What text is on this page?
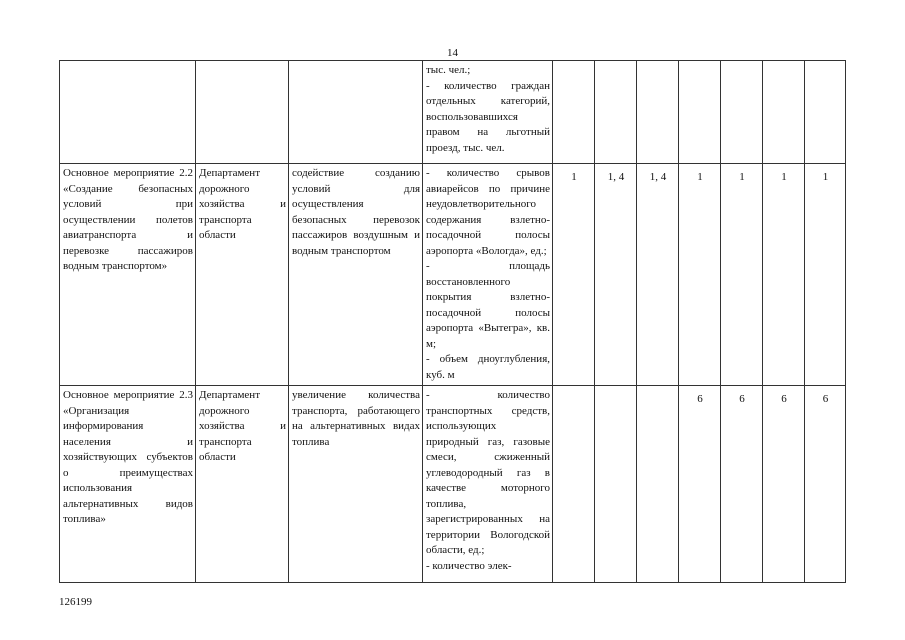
14
			тыс. чел.;
- количество граждан отдельных категорий, воспользовавшихся правом на льготный проезд, тыс. чел.							
Основное мероприятие 2.2 «Создание безопасных условий при осуществлении полетов авиатранспорта и перевозке пассажиров водным транспортом»	Департамент дорожного хозяйства и транспорта области	содействие созданию условий для осуществления безопасных перевозок пассажиров воздушным и водным транспортом	- количество срывов авиарейсов по причине неудовлетворительного содержания взлетно-посадочной полосы аэропорта «Вологда», ед.;
- площадь восстановленного покрытия взлетно-посадочной полосы аэропорта «Вытегра», кв. м;
- объем дноуглубления, куб. м	1	1, 4	1, 4	1	1	1	1
Основное мероприятие 2.3 «Организация информирования населения и хозяйствующих субъектов о преимуществах использования альтернативных видов топлива»	Департамент дорожного хозяйства и транспорта области	увеличение количества транспорта, работающего на альтернативных видах топлива	- количество транспортных средств, использующих природный газ, газовые смеси, сжиженный углеводородный газ в качестве моторного топлива, зарегистрированных на территории Вологодской области, ед.;
- количество элек-				6	6	6	6
126199
